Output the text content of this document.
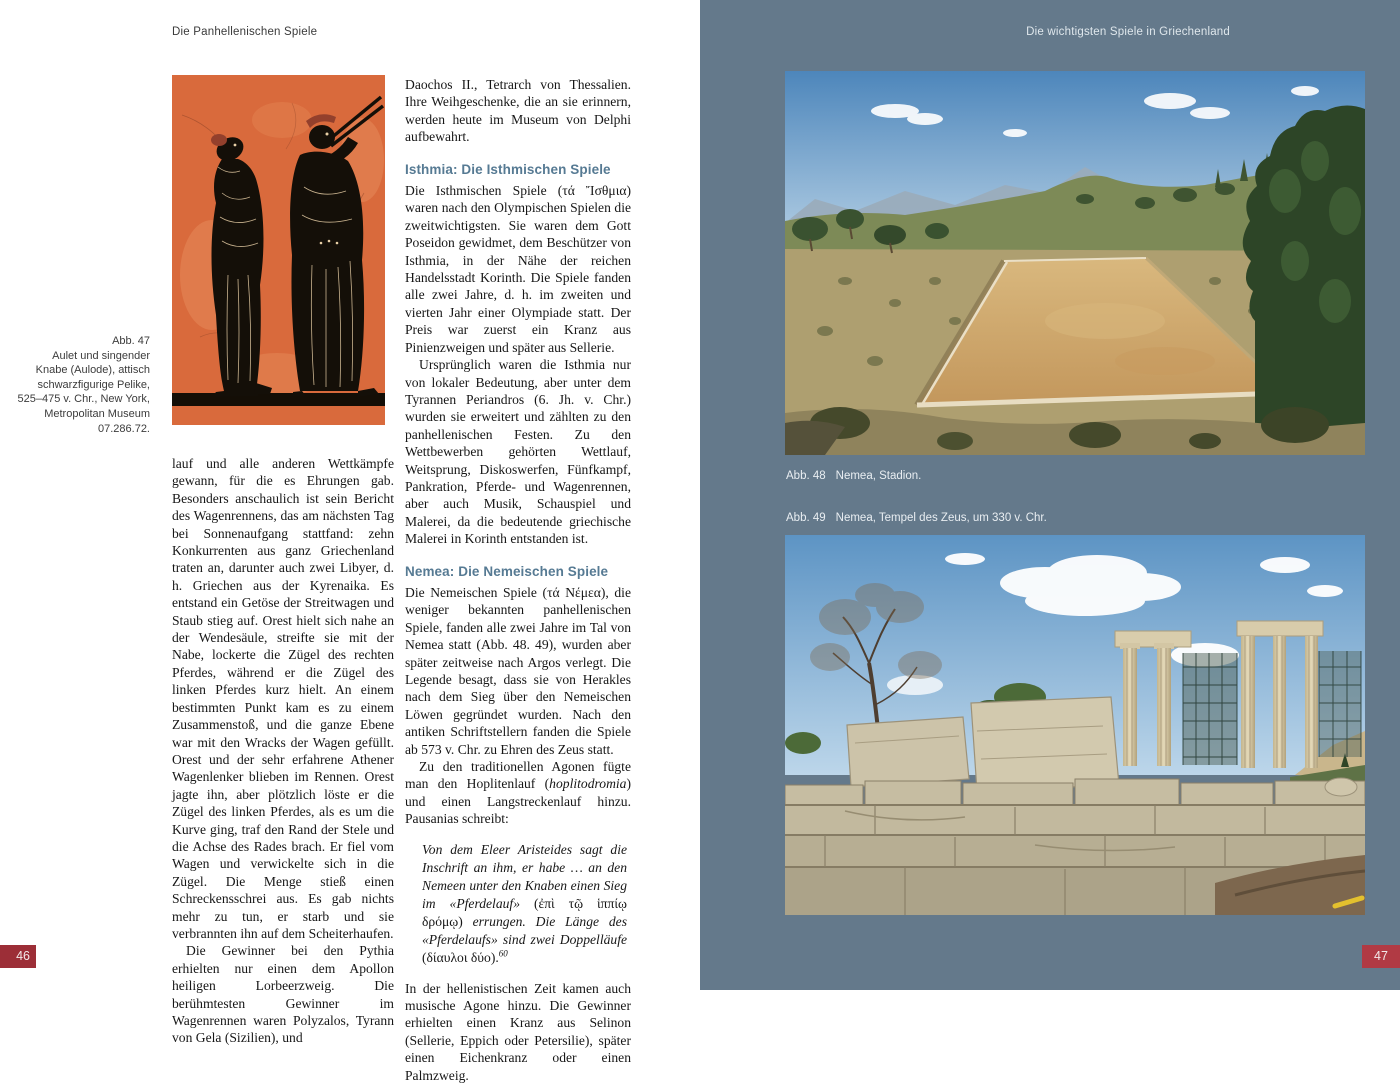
Die Panhellenischen Spiele	Die wichtigsten Spiele in Griechenland
Abb. 47
Aulet und singender
Knabe (Aulode), attisch
schwarzfigurige Pelike,
525–475 v. Chr., New York,
Metropolitan Museum
07.286.72.

lauf und alle anderen Wettkämpfe gewann, für die es Ehrungen gab. Besonders anschaulich ist sein Bericht des Wagenrennens, das am nächsten Tag bei Sonnenaufgang stattfand: zehn Konkurrenten aus ganz Griechenland traten an, darunter auch zwei Libyer, d. h. Griechen aus der Kyrenaika. Es entstand ein Getöse der Streitwagen und Staub stieg auf. Orest hielt sich nahe an der Wendesäule, streifte sie mit der Nabe, lockerte die Zügel des rechten Pferdes, während er die Zügel des linken Pferdes kurz hielt. An einem bestimmten Punkt kam es zu einem Zusammenstoß, und die ganze Ebene war mit den Wracks der Wagen gefüllt. Orest und der sehr erfahrene Athener Wagenlenker blieben im Rennen. Orest jagte ihn, aber plötzlich löste er die Zügel des linken Pferdes, als es um die Kurve ging, traf den Rand der Stele und die Achse des Rades brach. Er fiel vom Wagen und verwickelte sich in die Zügel. Die Menge stieß einen Schreckensschrei aus. Es gab nichts mehr zu tun, er starb und sie verbrannten ihn auf dem Scheiterhaufen.

Die Gewinner bei den Pythia erhielten nur einen dem Apollon heiligen Lorbeerzweig. Die berühmtesten Gewinner im Wagenrennen waren Polyzalos, Tyrann von Gela (Sizilien), und

Daochos II., Tetrarch von Thessalien. Ihre Weihgeschenke, die an sie erinnern, werden heute im Museum von Delphi aufbewahrt.

Isthmia: Die Isthmischen Spiele

Die Isthmischen Spiele (τά Ἴσθμια) waren nach den Olympischen Spielen die zweitwichtigsten. Sie waren dem Gott Poseidon gewidmet, dem Beschützer von Isthmia, in der Nähe der reichen Handelsstadt Korinth. Die Spiele fanden alle zwei Jahre, d. h. im zweiten und vierten Jahr einer Olympiade statt. Der Preis war zuerst ein Kranz aus Pinienzweigen und später aus Sellerie.

Ursprünglich waren die Isthmia nur von lokaler Bedeutung, aber unter dem Tyrannen Periandros (6. Jh. v. Chr.) wurden sie erweitert und zählten zu den panhellenischen Festen. Zu den Wettbewerben gehörten Wettlauf, Weitsprung, Diskoswerfen, Fünfkampf, Pankration, Pferde- und Wagenrennen, aber auch Musik, Schauspiel und Malerei, da die bedeutende griechische Malerei in Korinth entstanden ist.

Nemea: Die Nemeischen Spiele

Die Nemeischen Spiele (τά Νέμεα), die weniger bekannten panhellenischen Spiele, fanden alle zwei Jahre im Tal von Nemea statt (Abb. 48. 49), wurden aber später zeitweise nach Argos verlegt. Die Legende besagt, dass sie von Herakles nach dem Sieg über den Nemeischen Löwen gegründet wurden. Nach den antiken Schriftstellern fanden die Spiele ab 573 v. Chr. zu Ehren des Zeus statt.

Zu den traditionellen Agonen fügte man den Hoplitenlauf (hoplitodromia) und einen Langstreckenlauf hinzu. Pausanias schreibt:

Von dem Eleer Aristeides sagt die Inschrift an ihm, er habe … an den Nemeen unter den Knaben einen Sieg im «Pferdelauf» (ἐπὶ τῷ ἱππίῳ δρόμῳ) errungen. Die Länge des «Pferdelaufs» sind zwei Doppelläufe (δίαυλοι δύο).$^{60}$

In der hellenistischen Zeit kamen auch musische Agone hinzu. Die Gewinner erhielten einen Kranz aus Selinon (Sellerie, Eppich oder Petersilie), später einen Eichenkranz oder einen Palmzweig.

Abb. 48 Nemea, Stadion.
Abb. 49 Nemea, Tempel des Zeus, um 330 v. Chr.
46	47
